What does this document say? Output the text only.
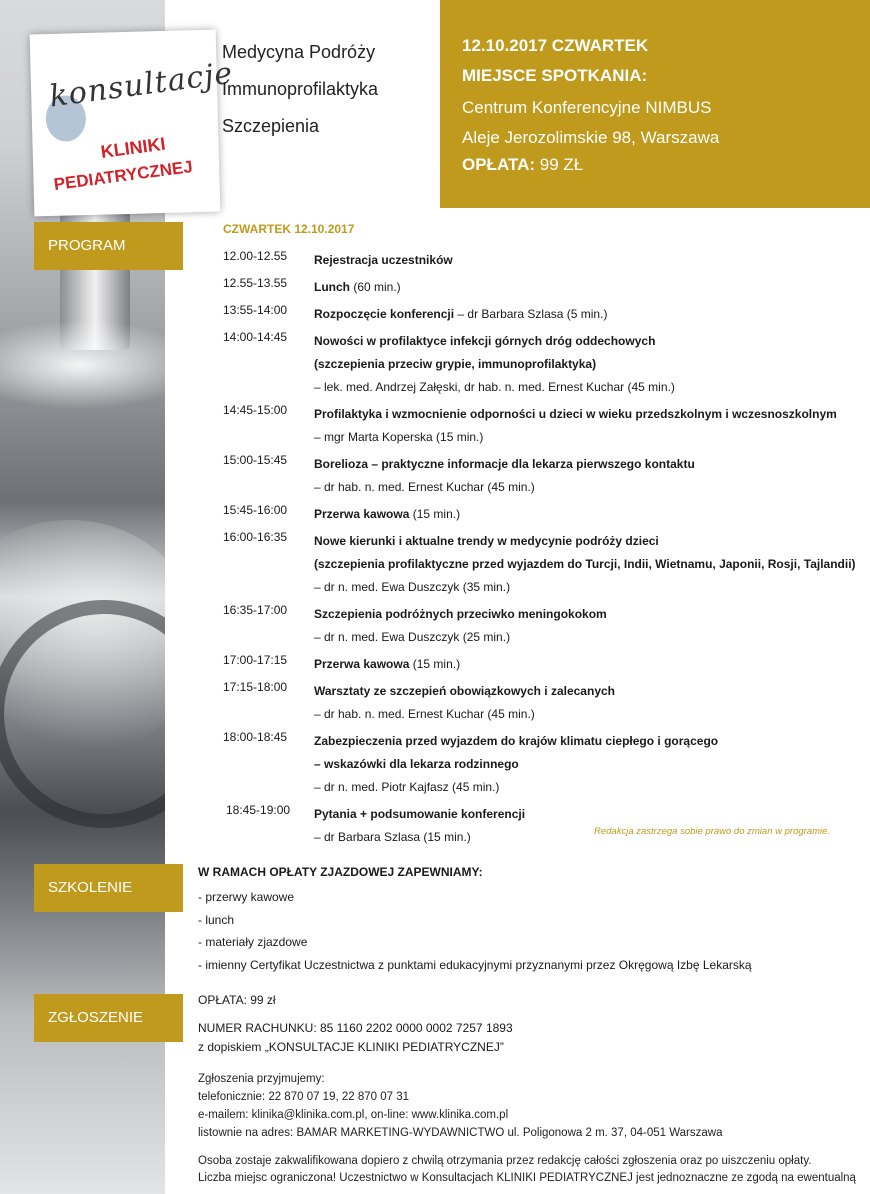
konsultacje
KLINIKI
PEDIATRYCZNEJ
Medycyna Podróży
Immunoprofilaktyka
Szczepienia
12.10.2017 CZWARTEK
MIEJSCE SPOTKANIA:
Centrum Konferencyjne NIMBUS
Aleje Jerozolimskie 98, Warszawa
OPŁATA: 99 ZŁ
PROGRAM
SZKOLENIE
ZGŁOSZENIE
CZWARTEK 12.10.2017
12.00-12.55	Rejestracja uczestników
12.55-13.55	Lunch (60 min.)
13:55-14:00	Rozpoczęcie konferencji – dr Barbara Szlasa (5 min.)
14:00-14:45	Nowości w profilaktyce infekcji górnych dróg oddechowych
(szczepienia przeciw grypie, immunoprofilaktyka)
– lek. med. Andrzej Załęski, dr hab. n. med. Ernest Kuchar (45 min.)
14:45-15:00	Profilaktyka i wzmocnienie odporności u dzieci w wieku przedszkolnym i wczesnoszkolnym
– mgr Marta Koperska (15 min.)
15:00-15:45	Borelioza – praktyczne informacje dla lekarza pierwszego kontaktu
– dr hab. n. med. Ernest Kuchar (45 min.)
15:45-16:00	Przerwa kawowa (15 min.)
16:00-16:35	Nowe kierunki i aktualne trendy w medycynie podróży dzieci
(szczepienia profilaktyczne przed wyjazdem do Turcji, Indii, Wietnamu, Japonii, Rosji, Tajlandii)
– dr n. med. Ewa Duszczyk (35 min.)
16:35-17:00	Szczepienia podróżnych przeciwko meningokokom
– dr n. med. Ewa Duszczyk (25 min.)
17:00-17:15	Przerwa kawowa (15 min.)
17:15-18:00	Warsztaty ze szczepień obowiązkowych i zalecanych
– dr hab. n. med. Ernest Kuchar (45 min.)
18:00-18:45	Zabezpieczenia przed wyjazdem do krajów klimatu ciepłego i gorącego
– wskazówki dla lekarza rodzinnego
– dr n. med. Piotr Kajfasz (45 min.)
18:45-19:00	Pytania + podsumowanie konferencji
– dr Barbara Szlasa (15 min.)	Redakcja zastrzega sobie prawo do zmian w programie.
W RAMACH OPŁATY ZJAZDOWEJ ZAPEWNIAMY:
- przerwy kawowe
- lunch
- materiały zjazdowe
- imienny Certyfikat Uczestnictwa z punktami edukacyjnymi przyznanymi przez Okręgową Izbę Lekarską
OPŁATA: 99 zł
NUMER RACHUNKU: 85 1160 2202 0000 0002 7257 1893
z dopiskiem „KONSULTACJE KLINIKI PEDIATRYCZNEJ”
Zgłoszenia przyjmujemy:
telefonicznie: 22 870 07 19, 22 870 07 31
e-mailem: klinika@klinika.com.pl, on-line: www.klinika.com.pl
listownie na adres: BAMAR MARKETING-WYDAWNICTWO ul. Poligonowa 2 m. 37, 04-051 Warszawa
Osoba zostaje zakwalifikowana dopiero z chwilą otrzymania przez redakcję całości zgłoszenia oraz po uiszczeniu opłaty.
Liczba miejsc ograniczona! Uczestnictwo w Konsultacjach KLINIKI PEDIATRYCZNEJ jest jednoznaczne ze zgodą na ewentualną
